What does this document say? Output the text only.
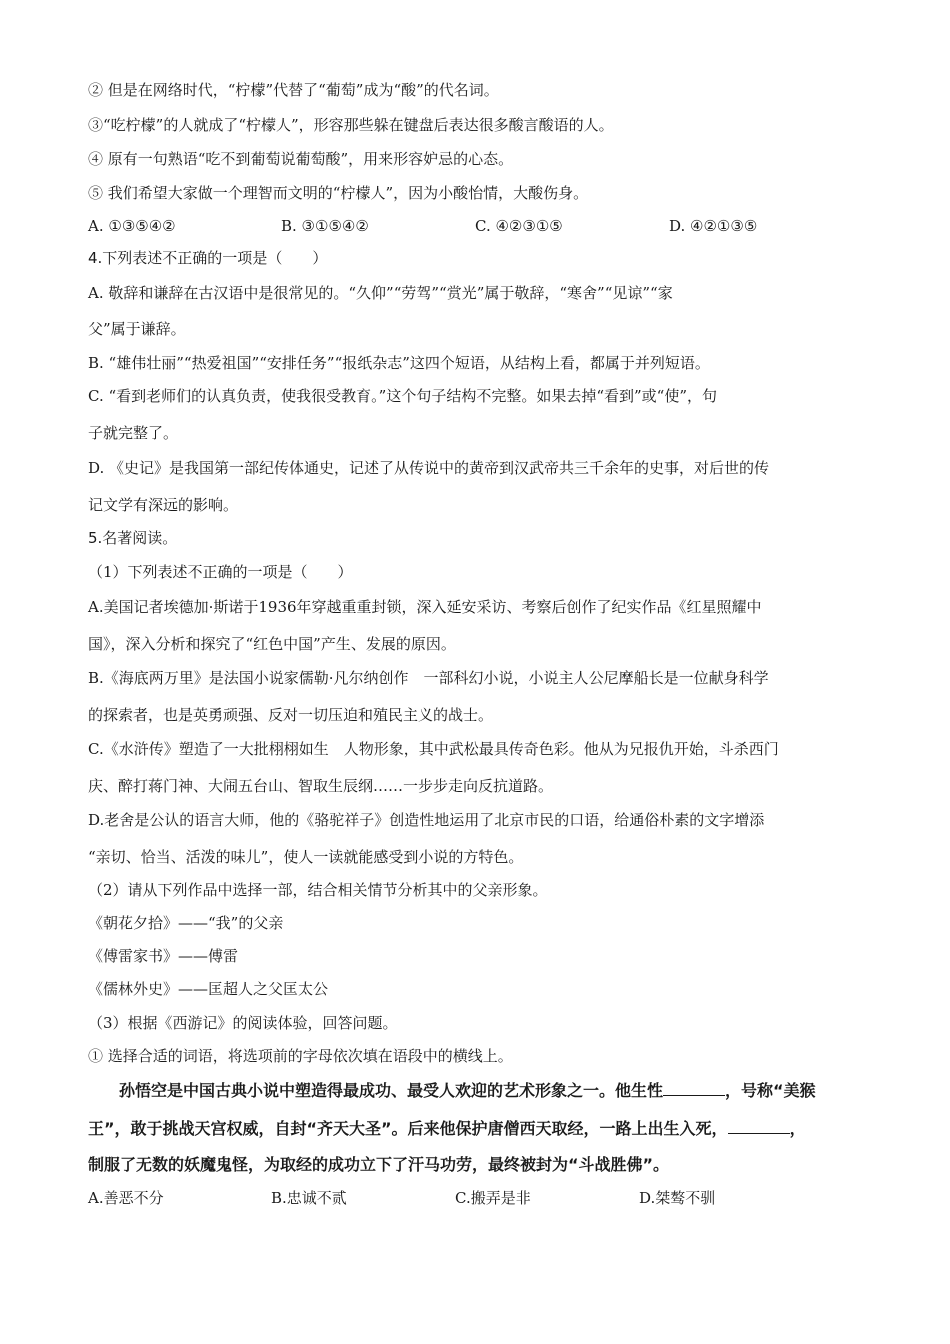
② 但是在网络时代，“柠檬”代替了“葡萄”成为“酸”的代名词。
③“吃柠檬”的人就成了“柠檬人”，形容那些躲在键盘后表达很多酸言酸语的人。
④ 原有一句熟语“吃不到葡萄说葡萄酸”，用来形容妒忌的心态。
⑤ 我们希望大家做一个理智而文明的“柠檬人”，因为小酸怡情，大酸伤身。
A. ①③⑤④②	B. ③①⑤④②	C. ④②③①⑤	D. ④②①③⑤
4.下列表述不正确的一项是（　　）
A. 敬辞和谦辞在古汉语中是很常见的。“久仰”“劳驾”“赏光”属于敬辞，“寒舍”“见谅”“家
父”属于谦辞。
B. “雄伟壮丽”“热爱祖国”“安排任务”“报纸杂志”这四个短语，从结构上看，都属于并列短语。
C. “看到老师们的认真负责，使我很受教育。”这个句子结构不完整。如果去掉“看到”或“使”，句
子就完整了。
D. 《史记》是我国第一部纪传体通史，记述了从传说中的黄帝到汉武帝共三千余年的史事，对后世的传
记文学有深远的影响。
5.名著阅读。
（1）下列表述不正确的一项是（　　）
A.美国记者埃德加·斯诺于1936年穿越重重封锁，深入延安采访、考察后创作了纪实作品《红星照耀中
国》，深入分析和探究了“红色中国”产生、发展的原因。
B.《海底两万里》是法国小说家儒勒·凡尔纳创作　一部科幻小说，小说主人公尼摩船长是一位献身科学
的探索者，也是英勇顽强、反对一切压迫和殖民主义的战士。
C.《水浒传》塑造了一大批栩栩如生　人物形象，其中武松最具传奇色彩。他从为兄报仇开始，斗杀西门
庆、醉打蒋门神、大闹五台山、智取生辰纲……一步步走向反抗道路。
D.老舍是公认的语言大师，他的《骆驼祥子》创造性地运用了北京市民的口语，给通俗朴素的文字增添
“亲切、恰当、活泼的味儿”，使人一读就能感受到小说的方特色。
（2）请从下列作品中选择一部，结合相关情节分析其中的父亲形象。
《朝花夕拾》——“我”的父亲
《傅雷家书》——傅雷
《儒林外史》——匡超人之父匡太公
（3）根据《西游记》的阅读体验，回答问题。
① 选择合适的词语，将选项前的字母依次填在语段中的横线上。
孙悟空是中国古典小说中塑造得最成功、最受人欢迎的艺术形象之一。他生性	，号称“美猴
王”，敢于挑战天宫权威，自封“齐天大圣”。后来他保护唐僧西天取经，一路上出生入死，	，
制服了无数的妖魔鬼怪，为取经的成功立下了汗马功劳，最终被封为“斗战胜佛”。
A.善恶不分	B.忠诚不贰	C.搬弄是非	D.桀骜不驯
